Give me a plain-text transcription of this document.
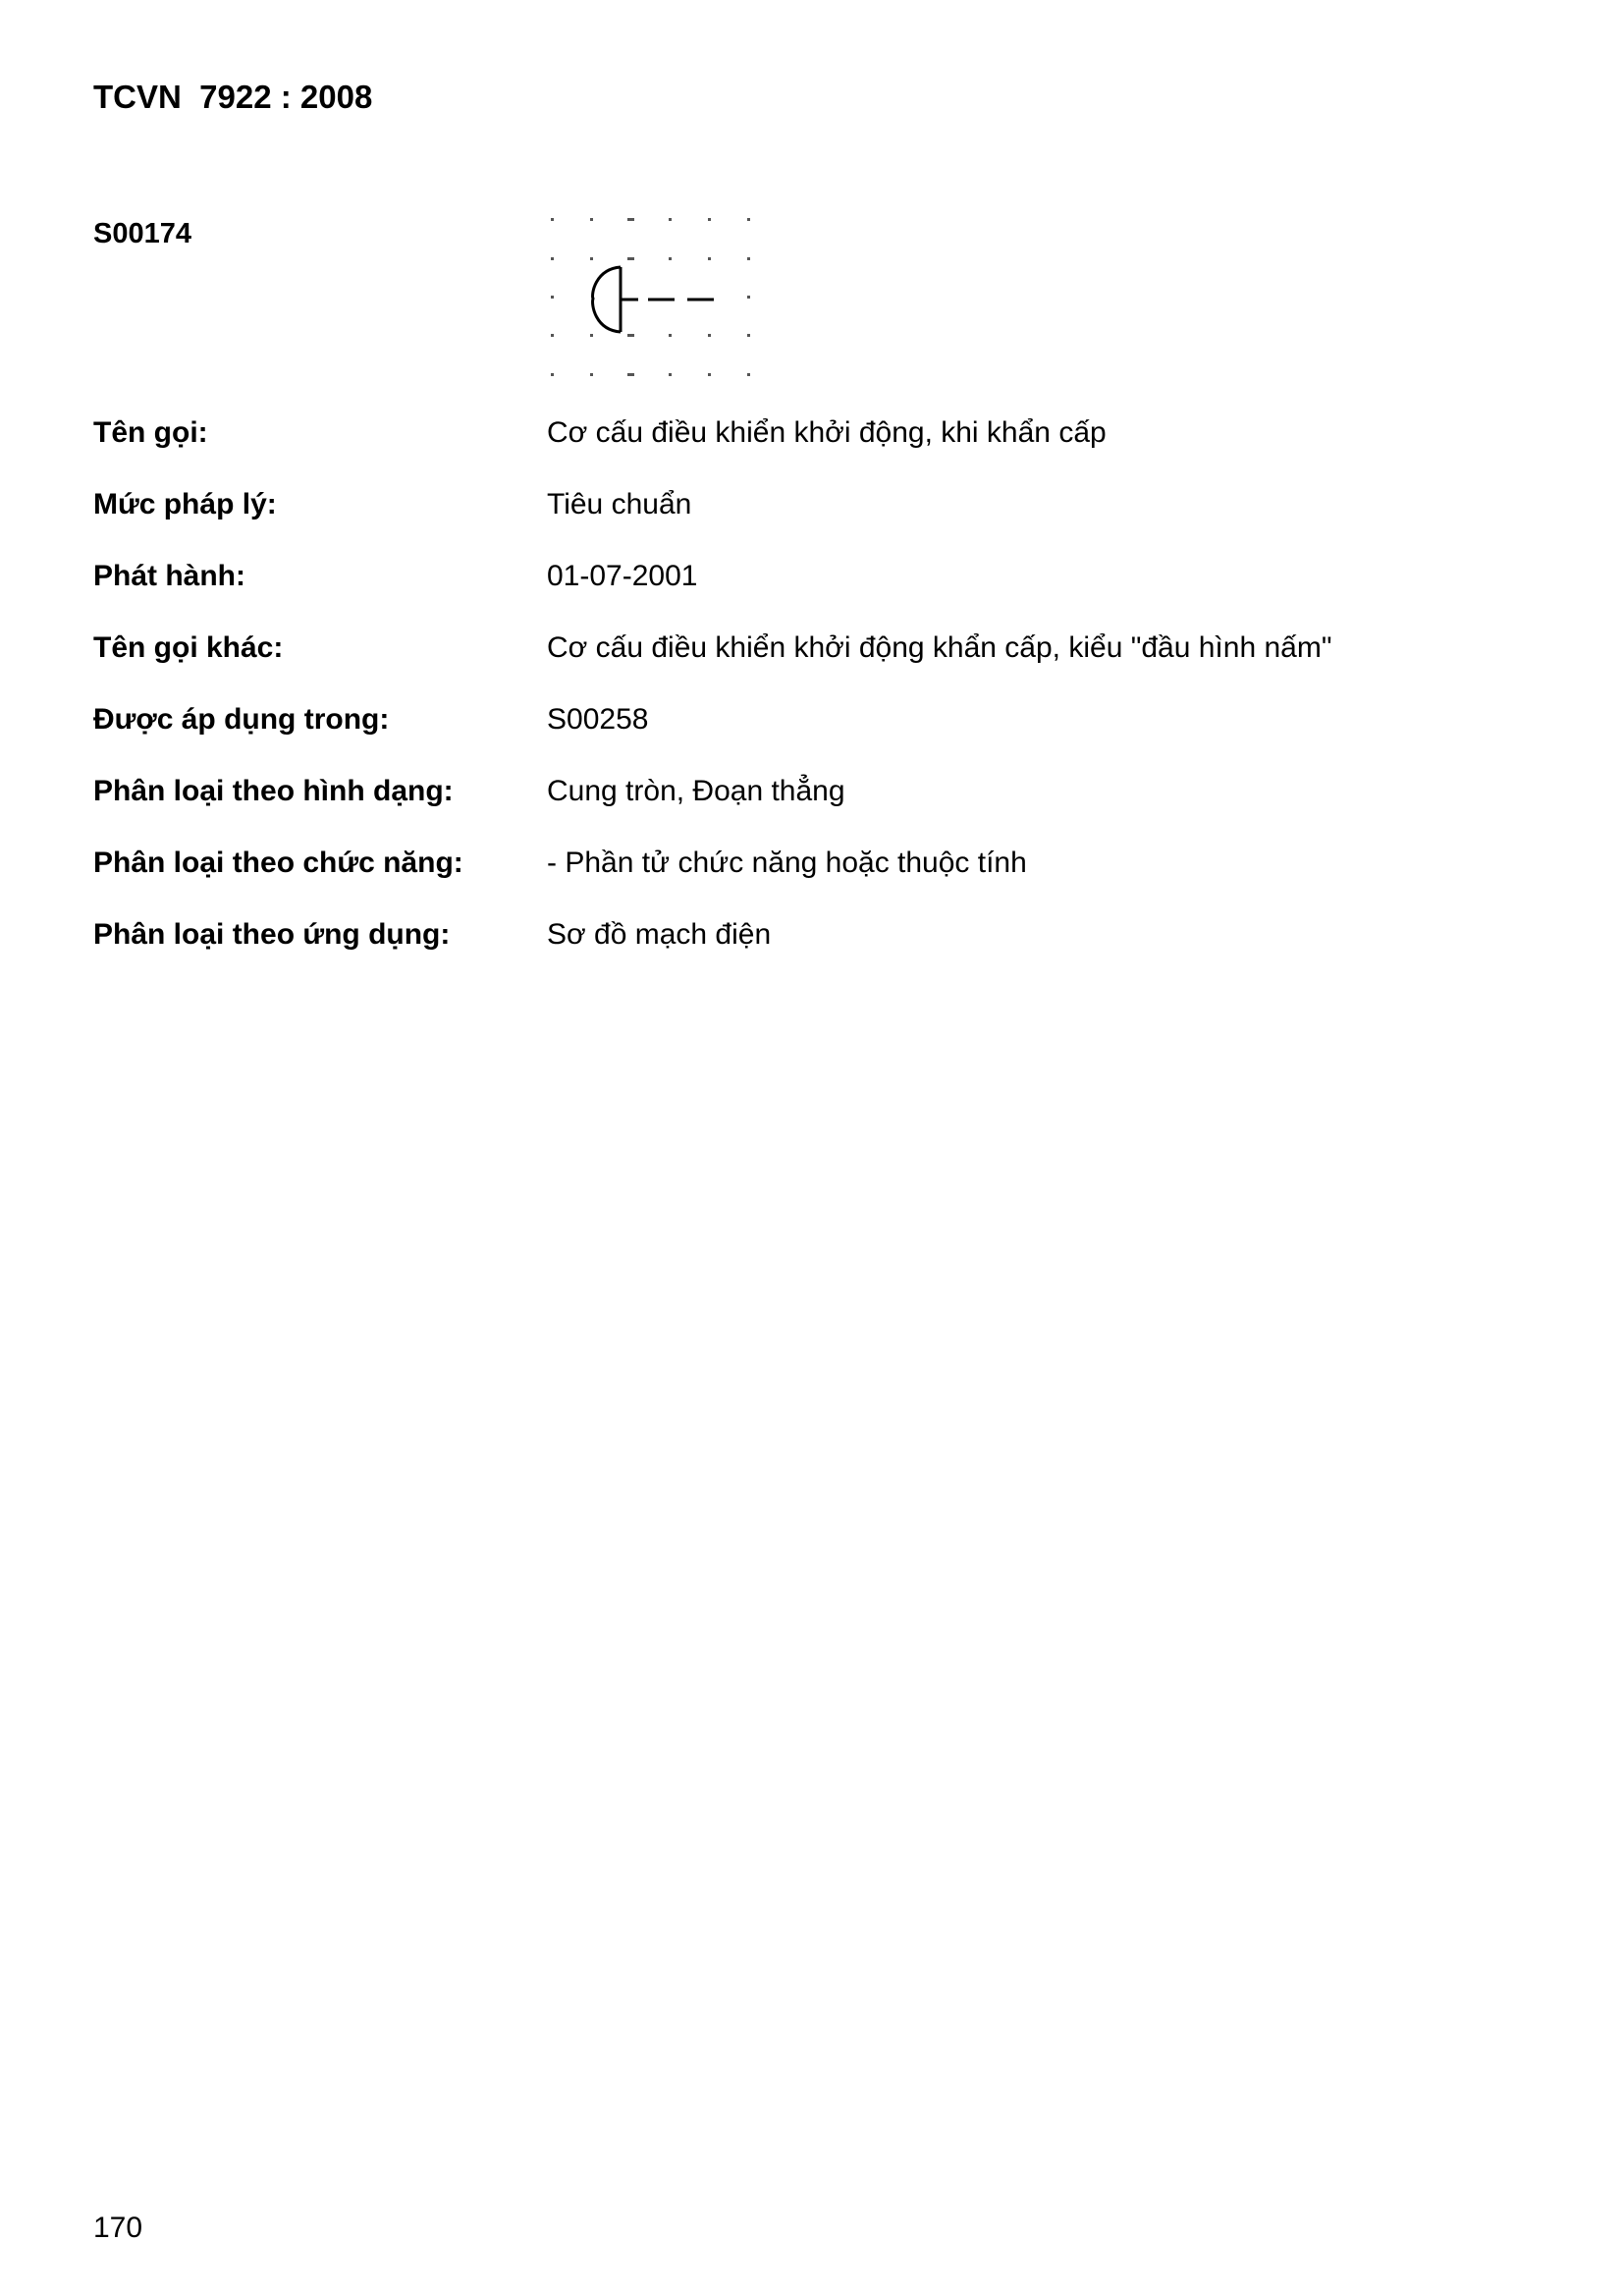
TCVN  7922 : 2008
S00174
Tên gọi:	Cơ cấu điều khiển khởi động, khi khẩn cấp
Mức pháp lý:	Tiêu chuẩn
Phát hành:	01-07-2001
Tên gọi khác:	Cơ cấu điều khiển khởi động khẩn cấp, kiểu "đầu hình nấm"
Được áp dụng trong:	S00258
Phân loại theo hình dạng:	Cung tròn, Đoạn thẳng
Phân loại theo chức năng:	- Phần tử chức năng hoặc thuộc tính
Phân loại theo ứng dụng:	Sơ đồ mạch điện
170
